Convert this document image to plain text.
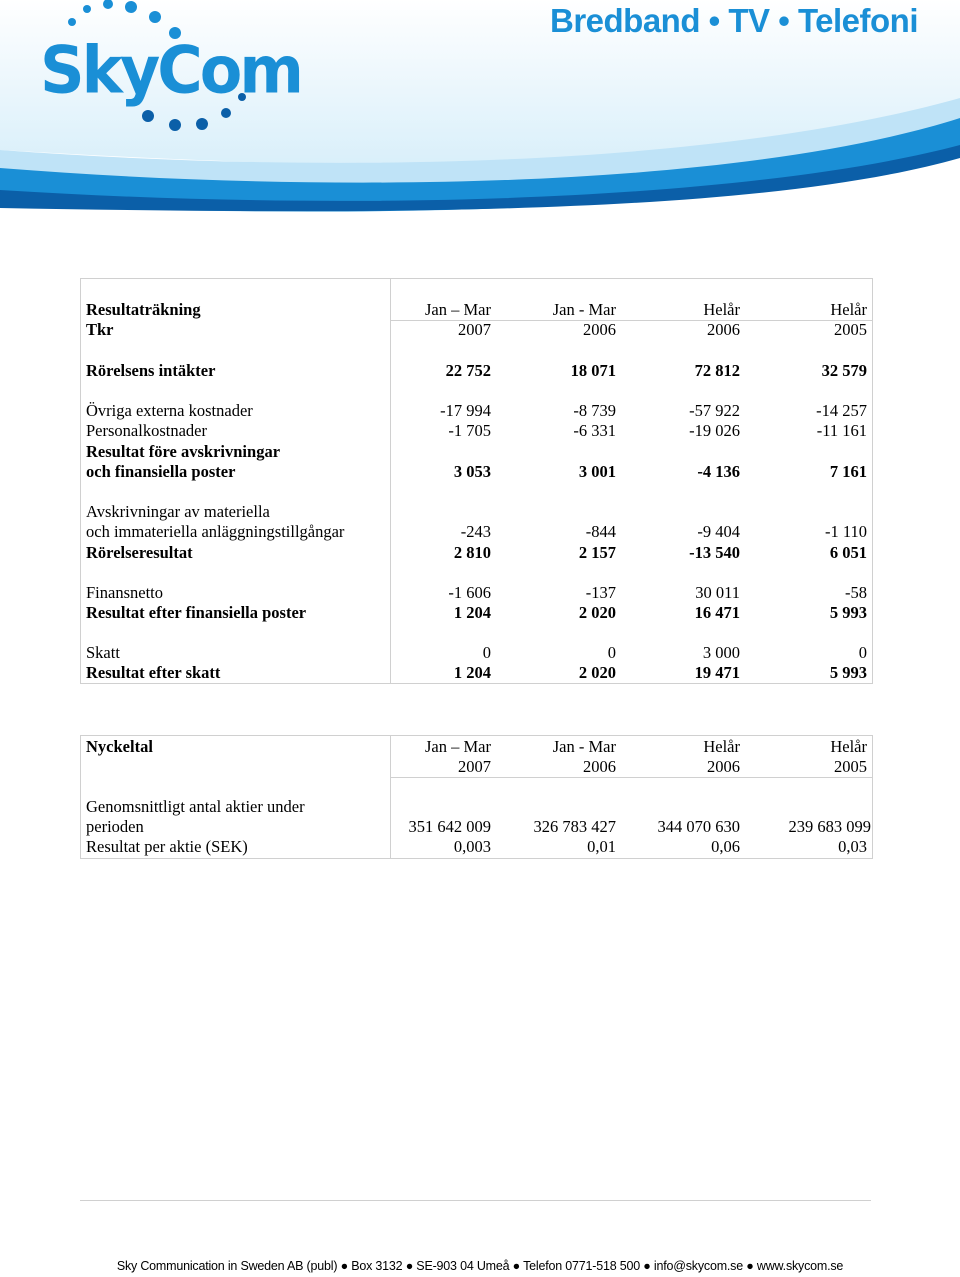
SkyCom
Bredband • TV • Telefoni
Resultaträkning
Tkr
Jan – Mar	Jan - Mar	Helår	Helår
2007	2006	2006	2005
Rörelsens intäkter	22 752	18 071	72 812	32 579
Övriga externa kostnader	-17 994	-8 739	-57 922	-14 257
Personalkostnader	-1 705	-6 331	-19 026	-11 161
Resultat före avskrivningar
och finansiella poster	3 053	3 001	-4 136	7 161
Avskrivningar av materiella
och immateriella anläggningstillgångar	-243	-844	-9 404	-1 110
Rörelseresultat	2 810	2 157	-13 540	6 051
Finansnetto	-1 606	-137	30 011	-58
Resultat efter finansiella poster	1 204	2 020	16 471	5 993
Skatt	0	0	3 000	0
Resultat efter skatt	1 204	2 020	19 471	5 993
Nyckeltal	Jan – Mar	Jan - Mar	Helår	Helår
2007	2006	2006	2005
Genomsnittligt antal aktier under
perioden	351 642 009	326 783 427	344 070 630	239 683 099
Resultat per aktie (SEK)	0,003	0,01	0,06	0,03
Sky Communication in Sweden AB (publ) ● Box 3132 ● SE-903 04 Umeå ● Telefon 0771-518 500 ● info@skycom.se ● www.skycom.se
